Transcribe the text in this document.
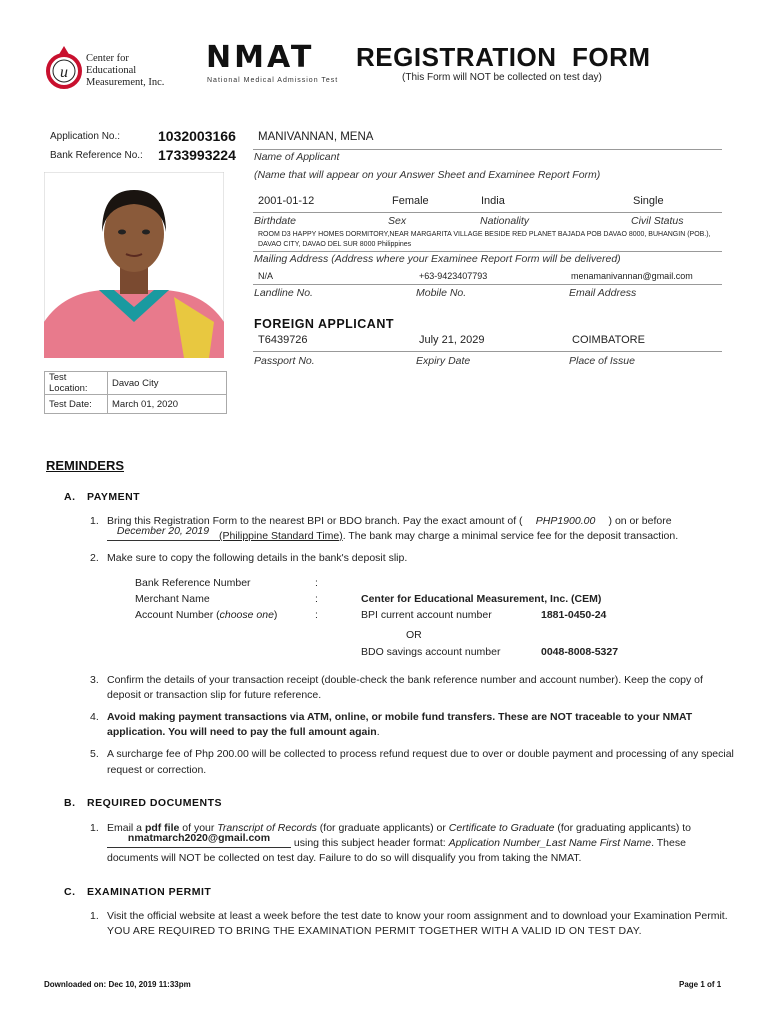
u
Center for
Educational
Measurement, Inc.
NMAT
National Medical Admission Test
REGISTRATION  FORM
(This Form will NOT be collected on test day)
Application No.:	1032003166
Bank Reference No.: 1733993224
Test Location:	Davao City
Test Date:	March 01, 2020
MANIVANNAN, MENA
Name of Applicant
(Name that will appear on your Answer Sheet and Examinee Report Form)
2001-01-12	Female	India	Single
Birthdate	Sex	Nationality	Civil Status
ROOM D3 HAPPY HOMES DORMITORY,NEAR MARGARITA VILLAGE BESIDE RED PLANET BAJADA POB DAVAO 8000, BUHANGIN (POB.),
DAVAO CITY, DAVAO DEL SUR 8000 Philippines
Mailing Address (Address where your Examinee Report Form will be delivered)
N/A	+63-9423407793	menamanivannan@gmail.com
Landline No.	Mobile No.	Email Address
FOREIGN APPLICANT
T6439726	July 21, 2029	COIMBATORE
Passport No.	Expiry Date	Place of Issue
REMINDERS
A. PAYMENT
1. Bring this Registration Form to the nearest BPI or BDO branch. Pay the exact amount of ( PHP1900.00 ) on or before
December 20, 2019 (Philippine Standard Time). The bank may charge a minimal service fee for the deposit transaction.
2. Make sure to copy the following details in the bank's deposit slip.
Bank Reference Number	:
Merchant Name	:	Center for Educational Measurement, Inc. (CEM)
Account Number (choose one)	:	BPI current account number	1881-0450-24
OR
BDO savings account number	0048-8008-5327
3. Confirm the details of your transaction receipt (double-check the bank reference number and account number). Keep the copy of
deposit or transaction slip for future reference.
4. Avoid making payment transactions via ATM, online, or mobile fund transfers. These are NOT traceable to your NMAT
application. You will need to pay the full amount again.
5. A surcharge fee of Php 200.00 will be collected to process refund request due to over or double payment and processing of any special
request or correction.
B. REQUIRED DOCUMENTS
1. Email a pdf file of your Transcript of Records (for graduate applicants) or Certificate to Graduate (for graduating applicants) to
nmatmarch2020@gmail.com using this subject header format: Application Number_Last Name First Name. These
documents will NOT be collected on test day. Failure to do so will disqualify you from taking the NMAT.
C. EXAMINATION PERMIT
1. Visit the official website at least a week before the test date to know your room assignment and to download your Examination Permit.
YOU ARE REQUIRED TO BRING THE EXAMINATION PERMIT TOGETHER WITH A VALID ID ON TEST DAY.
Downloaded on: Dec 10, 2019 11:33pm	Page 1 of 1
